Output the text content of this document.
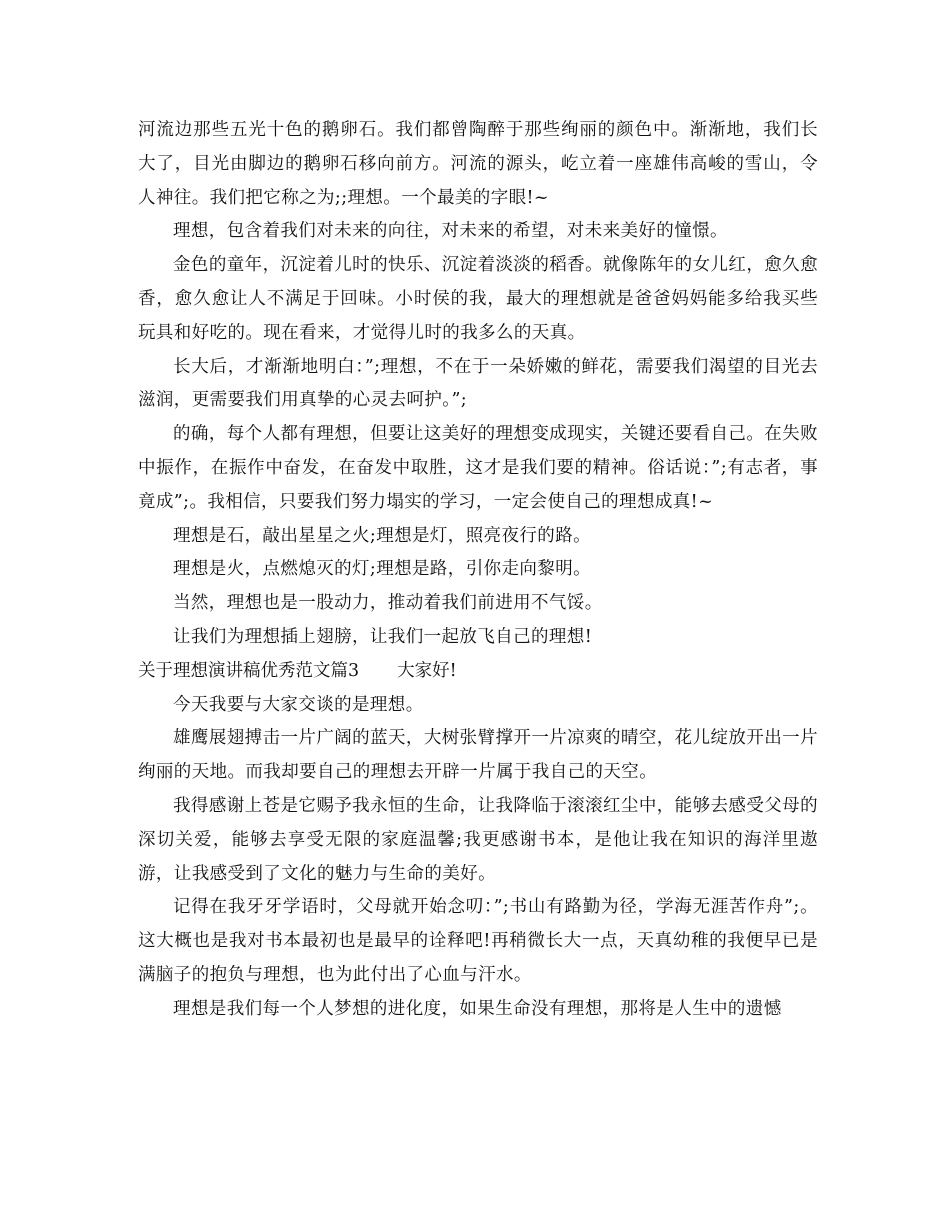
河流边那些五光十色的鹅卵石。我们都曾陶醉于那些绚丽的颜色中。渐渐地，我们长大了，目光由脚边的鹅卵石移向前方。河流的源头，屹立着一座雄伟高峻的雪山，令人神往。我们把它称之为;;理想。一个最美的字眼!~

理想，包含着我们对未来的向往，对未来的希望，对未来美好的憧憬。

金色的童年，沉淀着儿时的快乐、沉淀着淡淡的稻香。就像陈年的女儿红，愈久愈香，愈久愈让人不满足于回味。小时侯的我，最大的理想就是爸爸妈妈能多给我买些玩具和好吃的。现在看来，才觉得儿时的我多么的天真。

长大后，才渐渐地明白：”;理想，不在于一朵娇嫩的鲜花，需要我们渴望的目光去滋润，更需要我们用真挚的心灵去呵护。”;

的确，每个人都有理想，但要让这美好的理想变成现实，关键还要看自己。在失败中振作，在振作中奋发，在奋发中取胜，这才是我们要的精神。俗话说：”;有志者，事竟成”;。我相信，只要我们努力塌实的学习，一定会使自己的理想成真!~

理想是石，敲出星星之火;理想是灯，照亮夜行的路。

理想是火，点燃熄灭的灯;理想是路，引你走向黎明。

当然，理想也是一股动力，推动着我们前进用不气馁。

让我们为理想插上翅膀，让我们一起放飞自己的理想!

关于理想演讲稿优秀范文篇3 大家好!

今天我要与大家交谈的是理想。

雄鹰展翅搏击一片广阔的蓝天，大树张臂撑开一片凉爽的晴空，花儿绽放开出一片绚丽的天地。而我却要自己的理想去开辟一片属于我自己的天空。

我得感谢上苍是它赐予我永恒的生命，让我降临于滚滚红尘中，能够去感受父母的深切关爱，能够去享受无限的家庭温馨;我更感谢书本，是他让我在知识的海洋里遨游，让我感受到了文化的魅力与生命的美好。

记得在我牙牙学语时，父母就开始念叨：”;书山有路勤为径，学海无涯苦作舟”;。这大概也是我对书本最初也是最早的诠释吧!再稍微长大一点，天真幼稚的我便早已是满脑子的抱负与理想，也为此付出了心血与汗水。

理想是我们每一个人梦想的进化度，如果生命没有理想，那将是人生中的遗憾
